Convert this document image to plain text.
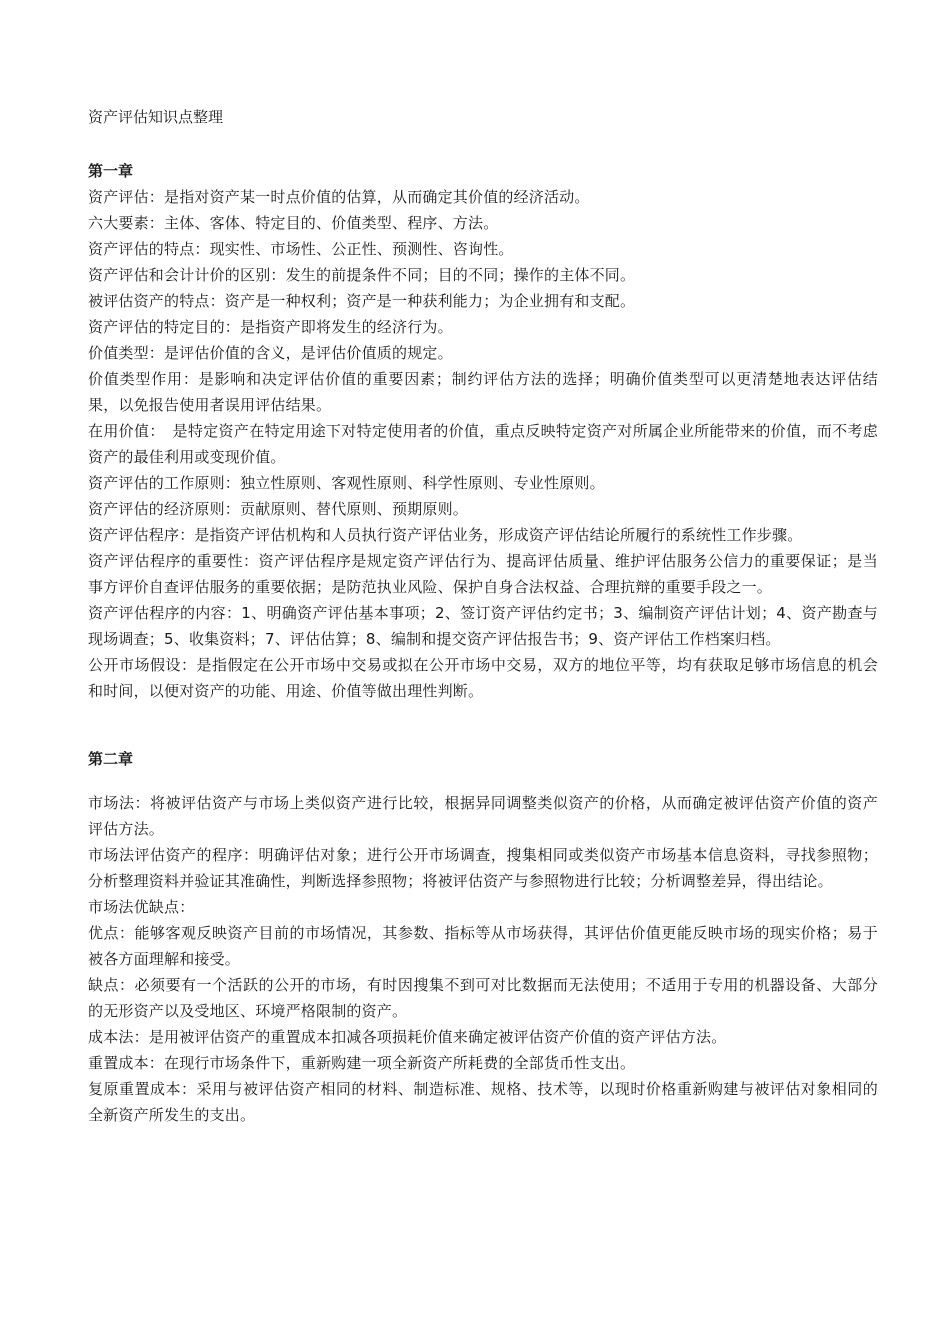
资产评估知识点整理

第一章

资产评估：是指对资产某一时点价值的估算，从而确定其价值的经济活动。

六大要素：主体、客体、特定目的、价值类型、程序、方法。

资产评估的特点：现实性、市场性、公正性、预测性、咨询性。

资产评估和会计计价的区别：发生的前提条件不同；目的不同；操作的主体不同。

被评估资产的特点：资产是一种权利；资产是一种获利能力；为企业拥有和支配。

资产评估的特定目的：是指资产即将发生的经济行为。

价值类型：是评估价值的含义，是评估价值质的规定。

价值类型作用：是影响和决定评估价值的重要因素；制约评估方法的选择；明确价值类型可以更清楚地表达评估结果，以免报告使用者误用评估结果。

在用价值：　是特定资产在特定用途下对特定使用者的价值，重点反映特定资产对所属企业所能带来的价值，而不考虑资产的最佳利用或变现价值。

资产评估的工作原则：独立性原则、客观性原则、科学性原则、专业性原则。

资产评估的经济原则：贡献原则、替代原则、预期原则。

资产评估程序：是指资产评估机构和人员执行资产评估业务，形成资产评估结论所履行的系统性工作步骤。

资产评估程序的重要性：资产评估程序是规定资产评估行为、提高评估质量、维护评估服务公信力的重要保证；是当事方评价自查评估服务的重要依据；是防范执业风险、保护自身合法权益、合理抗辩的重要手段之一。

资产评估程序的内容：1、明确资产评估基本事项；2、签订资产评估约定书；3、编制资产评估计划；4、资产勘查与现场调查；5、收集资料；7、评估估算；8、编制和提交资产评估报告书；9、资产评估工作档案归档。

公开市场假设：是指假定在公开市场中交易或拟在公开市场中交易，双方的地位平等，均有获取足够市场信息的机会和时间，以便对资产的功能、用途、价值等做出理性判断。

第二章

市场法：将被评估资产与市场上类似资产进行比较，根据异同调整类似资产的价格，从而确定被评估资产价值的资产评估方法。

市场法评估资产的程序：明确评估对象；进行公开市场调查，搜集相同或类似资产市场基本信息资料，寻找参照物；分析整理资料并验证其准确性，判断选择参照物；将被评估资产与参照物进行比较；分析调整差异，得出结论。

市场法优缺点：

优点：能够客观反映资产目前的市场情况，其参数、指标等从市场获得，其评估价值更能反映市场的现实价格；易于被各方面理解和接受。

缺点：必须要有一个活跃的公开的市场，有时因搜集不到可对比数据而无法使用；不适用于专用的机器设备、大部分的无形资产以及受地区、环境严格限制的资产。

成本法：是用被评估资产的重置成本扣减各项损耗价值来确定被评估资产价值的资产评估方法。

重置成本：在现行市场条件下，重新购建一项全新资产所耗费的全部货币性支出。

复原重置成本：采用与被评估资产相同的材料、制造标准、规格、技术等，以现时价格重新购建与被评估对象相同的全新资产所发生的支出。
